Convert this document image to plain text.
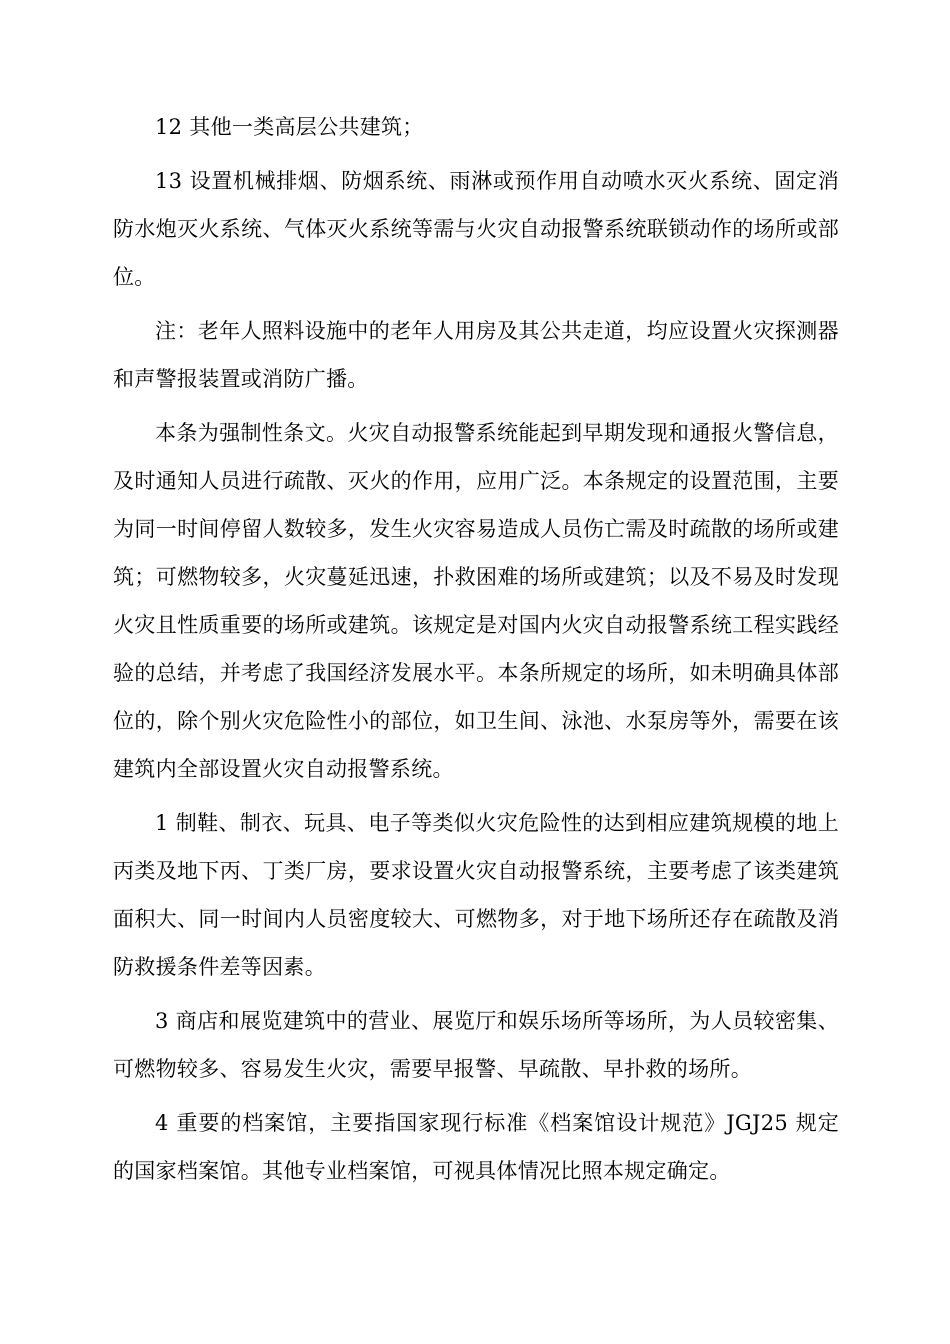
12 其他一类高层公共建筑；

13 设置机械排烟、防烟系统、雨淋或预作用自动喷水灭火系统、固定消防水炮灭火系统、气体灭火系统等需与火灾自动报警系统联锁动作的场所或部位。

注：老年人照料设施中的老年人用房及其公共走道，均应设置火灾探测器和声警报装置或消防广播。

本条为强制性条文。火灾自动报警系统能起到早期发现和通报火警信息，及时通知人员进行疏散、灭火的作用，应用广泛。本条规定的设置范围，主要为同一时间停留人数较多，发生火灾容易造成人员伤亡需及时疏散的场所或建筑；可燃物较多，火灾蔓延迅速，扑救困难的场所或建筑；以及不易及时发现火灾且性质重要的场所或建筑。该规定是对国内火灾自动报警系统工程实践经验的总结，并考虑了我国经济发展水平。本条所规定的场所，如未明确具体部位的，除个别火灾危险性小的部位，如卫生间、泳池、水泵房等外，需要在该建筑内全部设置火灾自动报警系统。

1 制鞋、制衣、玩具、电子等类似火灾危险性的达到相应建筑规模的地上丙类及地下丙、丁类厂房，要求设置火灾自动报警系统，主要考虑了该类建筑面积大、同一时间内人员密度较大、可燃物多，对于地下场所还存在疏散及消防救援条件差等因素。

3 商店和展览建筑中的营业、展览厅和娱乐场所等场所，为人员较密集、可燃物较多、容易发生火灾，需要早报警、早疏散、早扑救的场所。

4 重要的档案馆，主要指国家现行标准《档案馆设计规范》JGJ25 规定的国家档案馆。其他专业档案馆，可视具体情况比照本规定确定。
